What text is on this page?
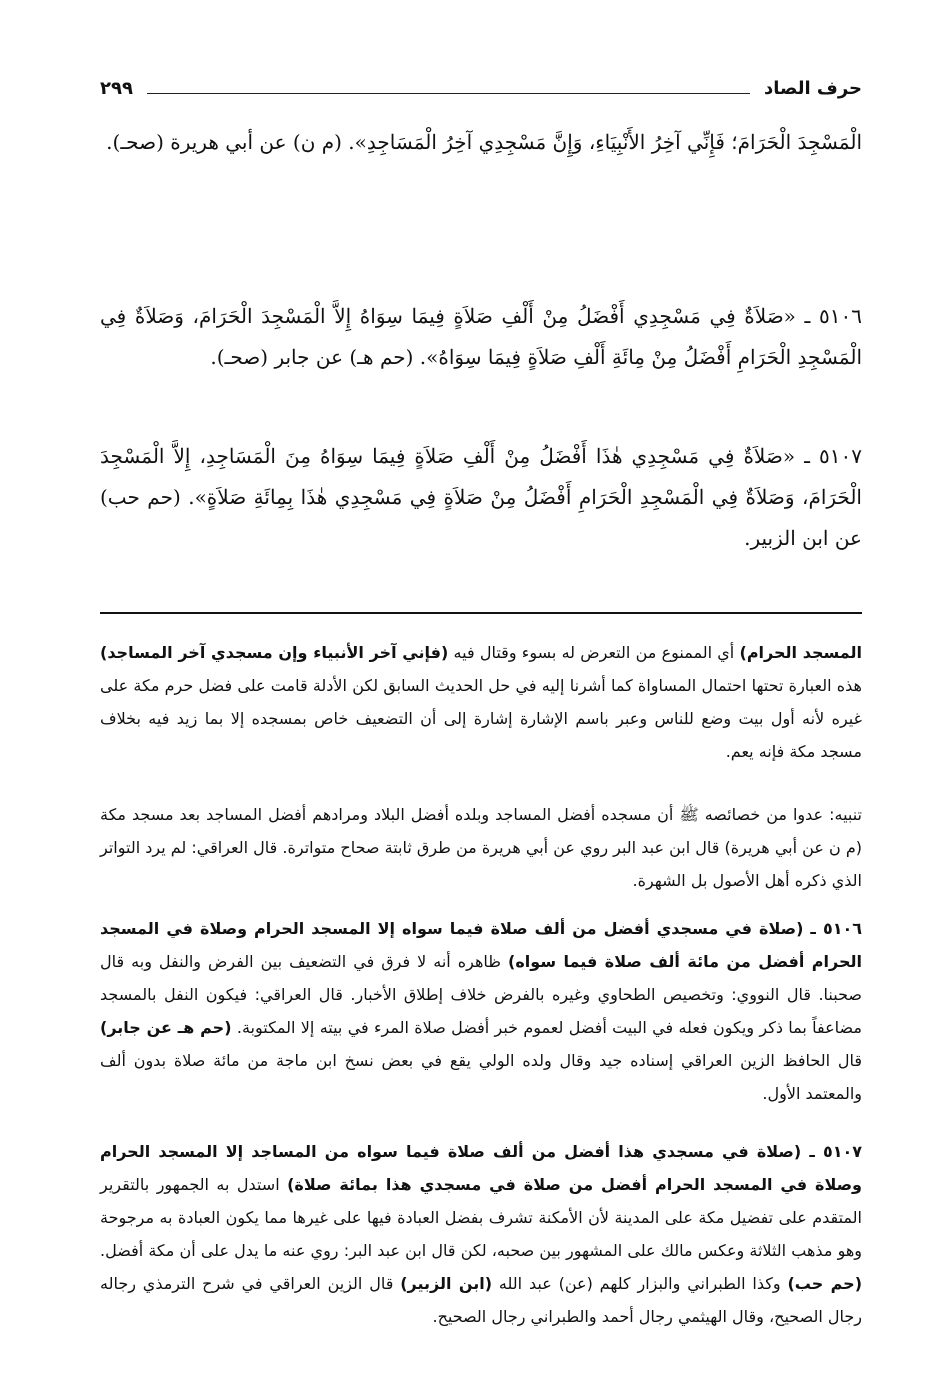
حرف الصاد
٢٩٩

الْمَسْجِدَ الْحَرَامَ؛ فَإِنِّي آخِرُ الأَنْبِيَاءِ، وَإِنَّ مَسْجِدِي آخِرُ الْمَسَاجِدِ». (م ن) عن أبي هريرة (صحـ).

٥١٠٦ ـ «صَلاَةٌ فِي مَسْجِدِي أَفْضَلُ مِنْ أَلْفِ صَلاَةٍ فِيمَا سِوَاهُ إِلاَّ الْمَسْجِدَ الْحَرَامَ، وَصَلاَةٌ فِي الْمَسْجِدِ الْحَرَامِ أَفْضَلُ مِنْ مِائَةِ أَلْفِ صَلاَةٍ فِيمَا سِوَاهُ». (حم هـ) عن جابر (صحـ).

٥١٠٧ ـ «صَلاَةٌ فِي مَسْجِدِي هٰذَا أَفْضَلُ مِنْ أَلْفِ صَلاَةٍ فِيمَا سِوَاهُ مِنَ الْمَسَاجِدِ، إِلاَّ الْمَسْجِدَ الْحَرَامَ، وَصَلاَةٌ فِي الْمَسْجِدِ الْحَرَامِ أَفْضَلُ مِنْ صَلاَةٍ فِي مَسْجِدِي هٰذَا بِمِائَةِ صَلاَةٍ». (حم حب) عن ابن الزبير.

المسجد الحرام) أي الممنوع من التعرض له بسوء وقتال فيه (فإني آخر الأنبياء وإن مسجدي آخر المساجد) هذه العبارة تحتها احتمال المساواة كما أشرنا إليه في حل الحديث السابق لكن الأدلة قامت على فضل حرم مكة على غيره لأنه أول بيت وضع للناس وعبر باسم الإشارة إشارة إلى أن التضعيف خاص بمسجده إلا بما زيد فيه بخلاف مسجد مكة فإنه يعم.

تنبيه: عدوا من خصائصه ﷺ أن مسجده أفضل المساجد وبلده أفضل البلاد ومرادهم أفضل المساجد بعد مسجد مكة (م ن عن أبي هريرة) قال ابن عبد البر روي عن أبي هريرة من طرق ثابتة صحاح متواترة. قال العراقي: لم يرد التواتر الذي ذكره أهل الأصول بل الشهرة.

٥١٠٦ ـ (صلاة في مسجدي أفضل من ألف صلاة فيما سواه إلا المسجد الحرام وصلاة في المسجد الحرام أفضل من مائة ألف صلاة فيما سواه) ظاهره أنه لا فرق في التضعيف بين الفرض والنفل وبه قال صحبنا. قال النووي: وتخصيص الطحاوي وغيره بالفرض خلاف إطلاق الأخبار. قال العراقي: فيكون النفل بالمسجد مضاعفاً بما ذكر ويكون فعله في البيت أفضل لعموم خبر أفضل صلاة المرء في بيته إلا المكتوبة. (حم هـ عن جابر) قال الحافظ الزين العراقي إسناده جيد وقال ولده الولي يقع في بعض نسخ ابن ماجة من مائة صلاة بدون ألف والمعتمد الأول.

٥١٠٧ ـ (صلاة في مسجدي هذا أفضل من ألف صلاة فيما سواه من المساجد إلا المسجد الحرام وصلاة في المسجد الحرام أفضل من صلاة في مسجدي هذا بمائة صلاة) استدل به الجمهور بالتقرير المتقدم على تفضيل مكة على المدينة لأن الأمكنة تشرف بفضل العبادة فيها على غيرها مما يكون العبادة به مرجوحة وهو مذهب الثلاثة وعكس مالك على المشهور بين صحبه، لكن قال ابن عبد البر: روي عنه ما يدل على أن مكة أفضل. (حم حب) وكذا الطبراني والبزار كلهم (عن) عبد الله (ابن الزبير) قال الزين العراقي في شرح الترمذي رجاله رجال الصحيح، وقال الهيثمي رجال أحمد والطبراني رجال الصحيح.
